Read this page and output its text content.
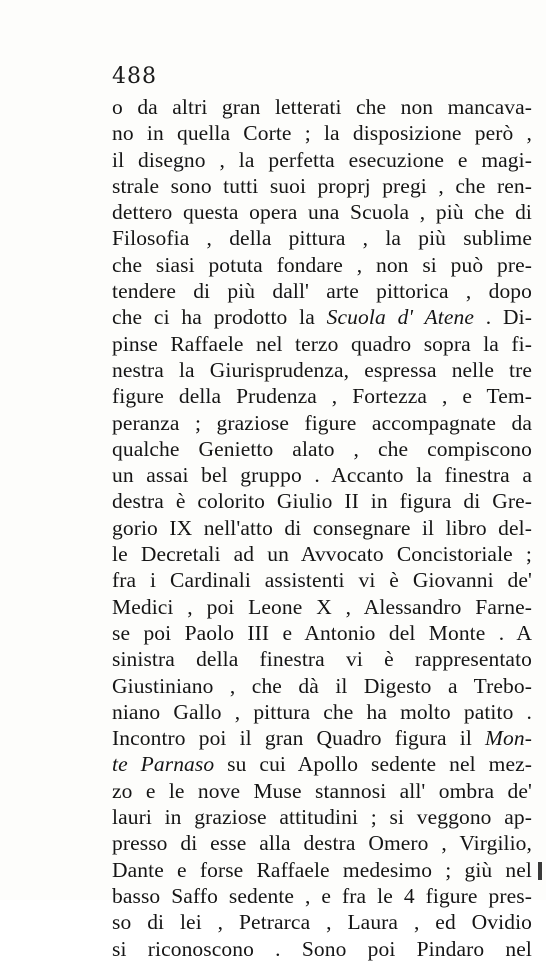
488
o da altri gran letterati che non mancava-
no in quella Corte ; la disposizione però ,
il disegno , la perfetta esecuzione e magi-
strale sono tutti suoi proprj pregi , che ren-
dettero questa opera una Scuola , più che di
Filosofia , della pittura , la più sublime
che siasi potuta fondare , non si può pre-
tendere di più dall' arte pittorica , dopo
che ci ha prodotto la Scuola d' Atene . Di-
pinse Raffaele nel terzo quadro sopra la fi-
nestra la Giurisprudenza, espressa nelle tre
figure della Prudenza , Fortezza , e Tem-
peranza ; graziose figure accompagnate da
qualche Genietto alato , che compiscono
un assai bel gruppo . Accanto la finestra a
destra è colorito Giulio II in figura di Gre-
gorio IX nell'atto di consegnare il libro del-
le Decretali ad un Avvocato Concistoriale ;
fra i Cardinali assistenti vi è Giovanni de'
Medici , poi Leone X , Alessandro Farne-
se poi Paolo III e Antonio del Monte . A
sinistra della finestra vi è rappresentato
Giustiniano , che dà il Digesto a Trebo-
niano Gallo , pittura che ha molto patito .
Incontro poi il gran Quadro figura il Mon-
te Parnaso su cui Apollo sedente nel mez-
zo e le nove Muse stannosi all' ombra de'
lauri in graziose attitudini ; si veggono ap-
presso di esse alla destra Omero , Virgilio,
Dante e forse Raffaele medesimo ; giù nel
basso Saffo sedente , e fra le 4 figure pres-
so di lei , Petrarca , Laura , ed Ovidio
si riconoscono . Sono poi Pindaro nel
